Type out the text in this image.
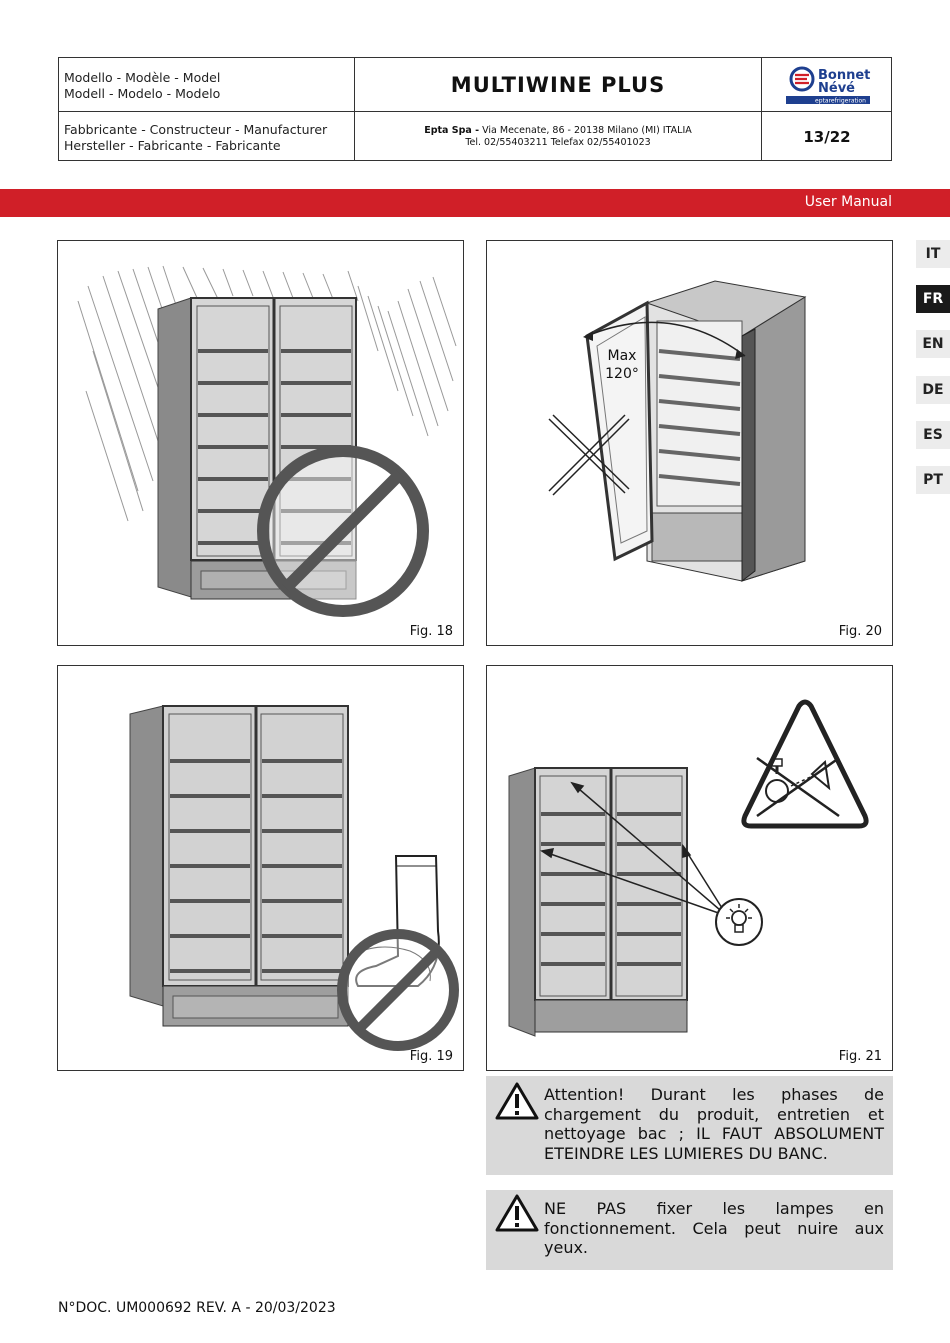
Modello - Modèle - Model
Modell - Modelo - Modelo
Fabbricante - Constructeur - Manufacturer
Hersteller - Fabricante - Fabricante
MULTIWINE PLUS
Epta Spa - Via Mecenate, 86 - 20138 Milano (MI) ITALIA
Tel. 02/55403211 Telefax 02/55401023	13/22
Bonnet
Névé
eptarefrigeration
User Manual
IT
FR
EN
DE
ES
PT
Fig. 18
Max
120°
Fig. 20
Fig. 19	Fig. 21
Attention! Durant les phases de chargement du produit, entretien et nettoyage bac ; IL FAUT ABSOLUMENT ETEINDRE LES LUMIERES DU BANC.
NE PAS fixer les lampes en fonctionnement. Cela peut nuire aux yeux.
N°DOC. UM000692 REV. A - 20/03/2023
